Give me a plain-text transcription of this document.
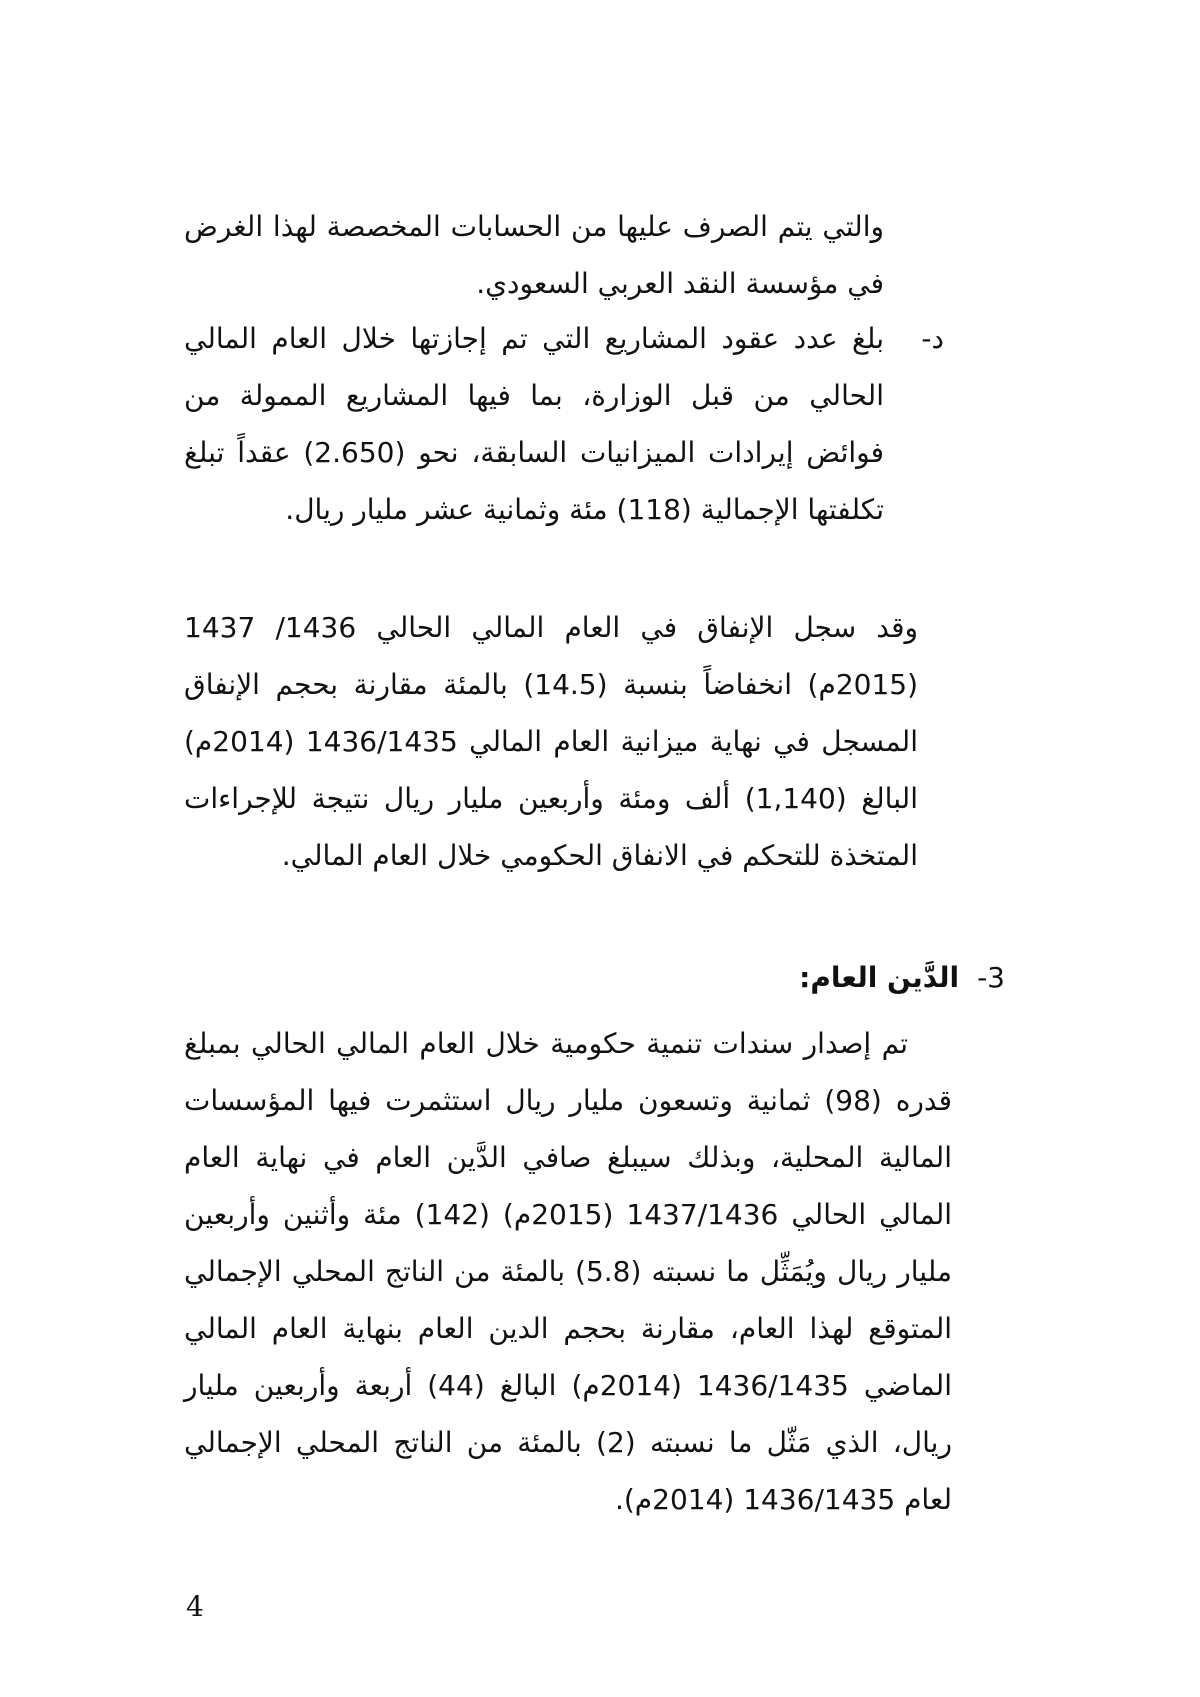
والتي يتم الصرف عليها من الحسابات المخصصة لهذا الغرض في مؤسسة النقد العربي السعودي.

د-
بلغ عدد عقود المشاريع التي تم إجازتها خلال العام المالي الحالي من قبل الوزارة، بما فيها المشاريع الممولة من فوائض إيرادات الميزانيات السابقة، نحو (2.650) عقداً تبلغ تكلفتها الإجمالية (118) مئة وثمانية عشر مليار ريال.

وقد سجل الإنفاق في العام المالي الحالي 1436/ 1437 (2015م) انخفاضاً بنسبة (14.5) بالمئة مقارنة بحجم الإنفاق المسجل في نهاية ميزانية العام المالي 1436/1435 (2014م) البالغ (1,140) ألف ومئة وأربعين مليار ريال نتيجة للإجراءات المتخذة للتحكم في الانفاق الحكومي خلال العام المالي.

3-الدَّين العام:

تم إصدار سندات تنمية حكومية خلال العام المالي الحالي بمبلغ قدره (98) ثمانية وتسعون مليار ريال استثمرت فيها المؤسسات المالية المحلية، وبذلك سيبلغ صافي الدَّين العام في نهاية العام المالي الحالي 1437/1436 (2015م) (142) مئة وأثنين وأربعين مليار ريال ويُمَثِّل ما نسبته (5.8) بالمئة من الناتج المحلي الإجمالي المتوقع لهذا العام، مقارنة بحجم الدين العام بنهاية العام المالي الماضي 1436/1435 (2014م) البالغ (44) أربعة وأربعين مليار ريال، الذي مَثّل ما نسبته (2) بالمئة من الناتج المحلي الإجمالي لعام 1436/1435 (2014م).

4
